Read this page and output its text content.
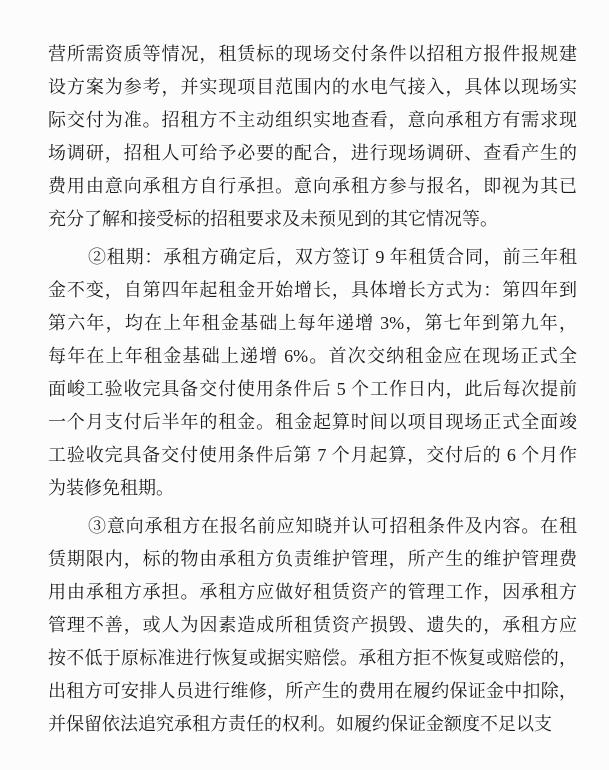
营所需资质等情况，租赁标的现场交付条件以招租方报件报规建
设方案为参考，并实现项目范围内的水电气接入，具体以现场实
际交付为准。招租方不主动组织实地查看，意向承租方有需求现
场调研，招租人可给予必要的配合，进行现场调研、查看产生的
费用由意向承租方自行承担。意向承租方参与报名，即视为其已
充分了解和接受标的招租要求及未预见到的其它情况等。
②租期：承租方确定后，双方签订 9 年租赁合同，前三年租
金不变，自第四年起租金开始增长，具体增长方式为：第四年到
第六年，均在上年租金基础上每年递增 3%，第七年到第九年，
每年在上年租金基础上递增 6%。首次交纳租金应在现场正式全
面峻工验收完具备交付使用条件后 5 个工作日内，此后每次提前
一个月支付后半年的租金。租金起算时间以项目现场正式全面竣
工验收完具备交付使用条件后第 7 个月起算，交付后的 6 个月作
为装修免租期。
③意向承租方在报名前应知晓并认可招租条件及内容。在租
赁期限内，标的物由承租方负责维护管理，所产生的维护管理费
用由承租方承担。承租方应做好租赁资产的管理工作，因承租方
管理不善，或人为因素造成所租赁资产损毁、遗失的，承租方应
按不低于原标准进行恢复或据实赔偿。承租方拒不恢复或赔偿的，
出租方可安排人员进行维修，所产生的费用在履约保证金中扣除，
并保留依法追究承租方责任的权利。如履约保证金额度不足以支
